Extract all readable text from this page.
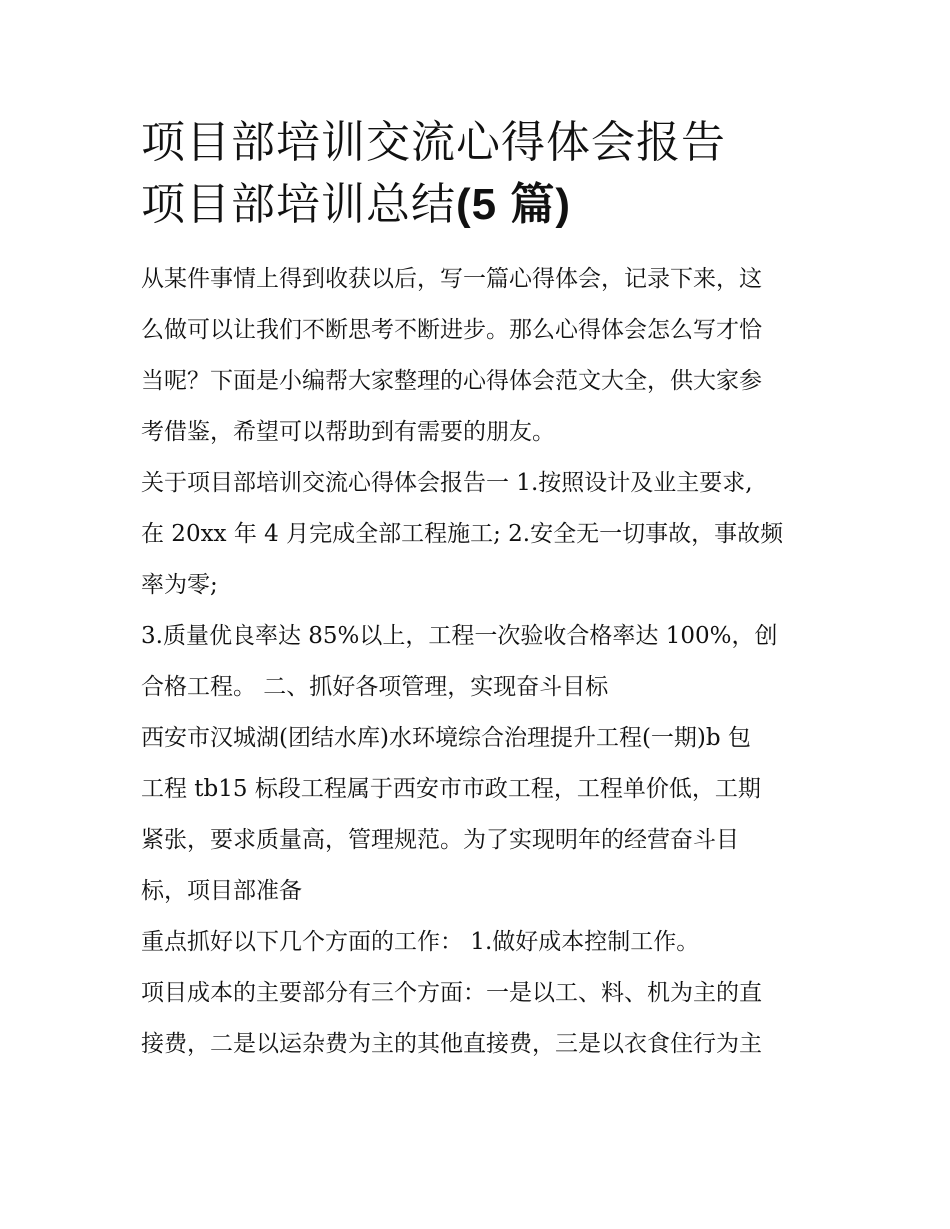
项目部培训交流心得体会报告
项目部培训总结(5 篇)

从某件事情上得到收获以后，写一篇心得体会，记录下来，这

么做可以让我们不断思考不断进步。那么心得体会怎么写才恰

当呢？下面是小编帮大家整理的心得体会范文大全，供大家参

考借鉴，希望可以帮助到有需要的朋友。

关于项目部培训交流心得体会报告一 1.按照设计及业主要求,

在 20xx 年 4 月完成全部工程施工; 2.安全无一切事故，事故频

率为零;

3.质量优良率达 85%以上，工程一次验收合格率达 100%，创

合格工程。 二、抓好各项管理，实现奋斗目标

西安市汉城湖(团结水库)水环境综合治理提升工程(一期)b 包

工程 tb15 标段工程属于西安市市政工程，工程单价低，工期

紧张，要求质量高，管理规范。为了实现明年的经营奋斗目

标，项目部准备

重点抓好以下几个方面的工作： 1.做好成本控制工作。

项目成本的主要部分有三个方面：一是以工、料、机为主的直

接费，二是以运杂费为主的其他直接费，三是以衣食住行为主
